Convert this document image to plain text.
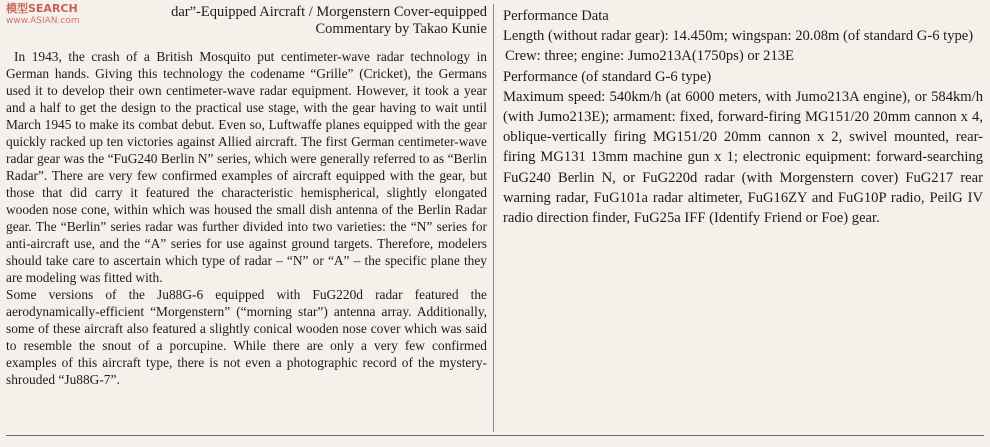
dar”-Equipped Aircraft / Morgenstern Cover-equipped

Commentary by Takao Kunie

In 1943, the crash of a British Mosquito put centimeter-wave radar technology in German hands. Giving this technology the codename “Grille” (Cricket), the Germans used it to develop their own centimeter-wave radar equipment. However, it took a year and a half to get the design to the practical use stage, with the gear having to wait until March 1945 to make its combat debut. Even so, Luftwaffe planes equipped with the gear quickly racked up ten victories against Allied aircraft. The first German centimeter-wave radar gear was the “FuG240 Berlin N” series, which were generally referred to as “Berlin Radar”. There are very few confirmed examples of aircraft equipped with the gear, but those that did carry it featured the characteristic hemispherical, slightly elongated wooden nose cone, within which was housed the small dish antenna of the Berlin Radar gear. The “Berlin” series radar was further divided into two varieties: the “N” series for anti-aircraft use, and the “A” series for use against ground targets. Therefore, modelers should take care to ascertain which type of radar – “N” or “A” – the specific plane they are modeling was fitted with.

Some versions of the Ju88G-6 equipped with FuG220d radar featured the aerodynamically-efficient “Morgenstern” (“morning star”) antenna array. Additionally, some of these aircraft also featured a slightly conical wooden nose cover which was said to resemble the snout of a porcupine. While there are only a very few confirmed examples of this aircraft type, there is not even a photographic record of the mystery-shrouded “Ju88G-7”.

模型SEARCH
www.ASIAN.com	Performance Data

Length (without radar gear): 14.450m; wingspan: 20.08m (of standard G-6 type)

Crew: three; engine: Jumo213A(1750ps) or 213E

Performance (of standard G-6 type)

Maximum speed: 540km/h (at 6000 meters, with Jumo213A engine), or 584km/h (with Jumo213E); armament: fixed, forward-firing MG151/20 20mm cannon x 4, oblique-vertically firing MG151/20 20mm cannon x 2, swivel mounted, rear-firing MG131 13mm machine gun x 1; electronic equipment: forward-searching FuG240 Berlin N, or FuG220d radar (with Morgenstern cover) FuG217 rear warning radar, FuG101a radar altimeter, FuG16ZY and FuG10P radio, PeilG IV radio direction finder, FuG25a IFF (Identify Friend or Foe) gear.
